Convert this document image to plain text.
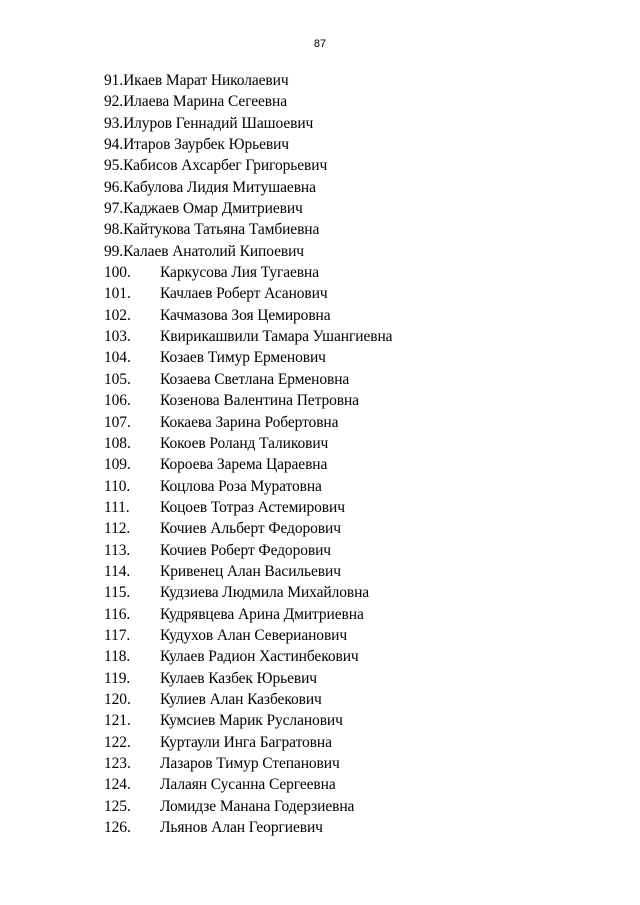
87
91. Икаев Марат Николаевич
92. Илаева Марина Сегеевна
93. Илуров Геннадий Шашоевич
94. Итаров Заурбек Юрьевич
95. Кабисов Ахсарбег Григорьевич
96. Кабулова Лидия Митушаевна
97. Каджаев Омар Дмитриевич
98. Кайтукова Татьяна Тамбиевна
99. Калаев Анатолий Кипоевич
100.	Каркусова Лия Тугаевна
101.	Качлаев Роберт Асанович
102.	Качмазова Зоя Цемировна
103.	Квирикашвили Тамара Ушангиевна
104.	Козаев Тимур Ерменович
105.	Козаева Светлана Ерменовна
106.	Козенова Валентина Петровна
107.	Кокаева Зарина Робертовна
108.	Кокоев Роланд Таликович
109.	Короева Зарема Цараевна
110.	Коцлова Роза Муратовна
111.	Коцоев Тотраз Астемирович
112.	Кочиев Альберт Федорович
113.	Кочиев Роберт Федорович
114.	Кривенец Алан Васильевич
115.	Кудзиева Людмила Михайловна
116.	Кудрявцева Арина Дмитриевна
117.	Кудухов Алан Северианович
118.	Кулаев Радион Хастинбекович
119.	Кулаев Казбек Юрьевич
120.	Кулиев Алан Казбекович
121.	Кумсиев Марик Русланович
122.	Куртаули Инга Багратовна
123.	Лазаров Тимур Степанович
124.	Лалаян Сусанна Сергеевна
125.	Ломидзе Манана Годерзиевна
126.	Льянов Алан Георгиевич
